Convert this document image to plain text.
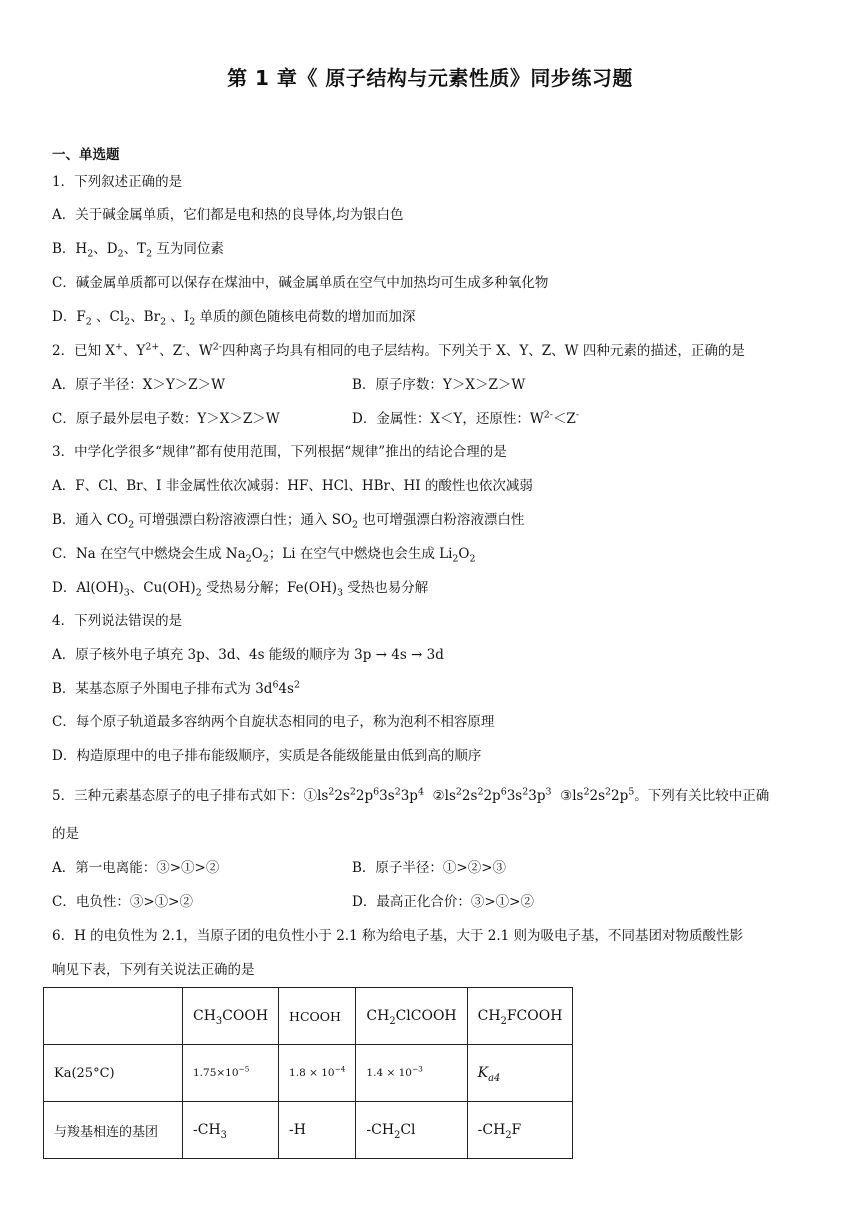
第 1 章《 原子结构与元素性质》同步练习题
一、单选题
1．下列叙述正确的是
A．关于碱金属单质，它们都是电和热的良导体,均为银白色
B．$H_2$、$D_2$、$T_2$ 互为同位素
C．碱金属单质都可以保存在煤油中，碱金属单质在空气中加热均可生成多种氧化物
D．$F_2$ 、$Cl_2$、$Br_2$ 、$I_2$ 单质的颜色随核电荷数的增加而加深
2．已知 X+、$Y^{2+}$、Z-、$W^{2-}$四种离子均具有相同的电子层结构。下列关于 X、Y、Z、W 四种元素的描述，正确的是
A．原子半径：X＞Y＞Z＞W	B．原子序数：Y＞X＞Z＞W
C．原子最外层电子数：Y＞X＞Z＞W	D．金属性：X＜Y，还原性：$W^{2-}<Z^-$
3．中学化学很多“规律”都有使用范围，下列根据“规律”推出的结论合理的是
A．F、Cl、Br、I 非金属性依次减弱：HF、HCl、HBr、HI 的酸性也依次减弱
B．通入 $CO_2$ 可增强漂白粉溶液漂白性；通入 $SO_2$ 也可增强漂白粉溶液漂白性
C．Na 在空气中燃烧会生成 $Na_2O_2$；Li 在空气中燃烧也会生成 $Li_2O_2$
D．$Al(OH)_3$、$Cu(OH)_2$ 受热易分解；$Fe(OH)_3$ 受热也易分解
4．下列说法错误的是
A．原子核外电子填充 3p、3d、4s 能级的顺序为 3p → 4s → 3d
B．某基态原子外围电子排布式为 $3d^64s^2$
C．每个原子轨道最多容纳两个自旋状态相同的电子，称为泡利不相容原理
D．构造原理中的电子排布能级顺序，实质是各能级能量由低到高的顺序
5．三种元素基态原子的电子排布式如下：$①ls^22s^22p^63s^23p^4$ $②ls^22s^22p^63s^23p^3$ $③ls^22s^22p^5$。下列有关比较中正确
的是
A．第一电离能：③>①>②	B．原子半径：①>②>③
C．电负性：③>①>②	D．最高正化合价：③>①>②
6．H 的电负性为 2.1，当原子团的电负性小于 2.1 称为给电子基，大于 2.1 则为吸电子基，不同基团对物质酸性影
响见下表，下列有关说法正确的是
	$CH_3COOH$	HCOOH	$CH_2ClCOOH$	$CH_2FCOOH$
Ka(25°C)	$1.75\times 10^{-5}$	$1.8 \times 10^{-4}$	$1.4 \times 10^{-3}$	$K_{a4}$
与羧基相连的基团	$-CH_3$	-H	$-CH_2Cl$	$-CH_2F$
